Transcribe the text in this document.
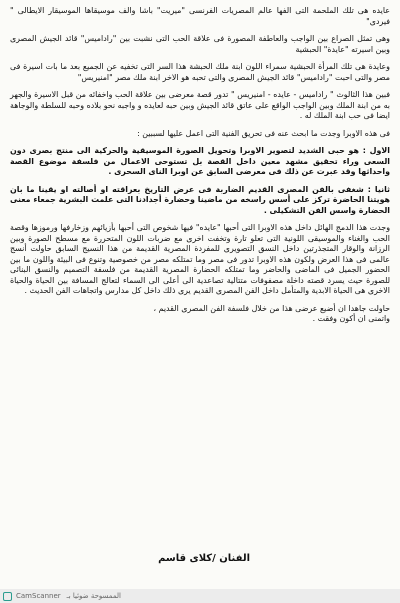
عايده هى تلك الملحمة التى الفها عالم المصريات الفرنسى "ميريت" باشا والف موسيقاها الموسيقار الايطالى " فيردى"

وهى تمثل الصراع بين الواجب والعاطفة المصورة فى علاقة الحب التى نشبت بين "راداميس" قائد الجيش المصرى وبين اسيرته "عايدة" الحبشية

وعايدة هى تلك المرأة الحبشية سمراء اللون ابنة ملك الحبشة هذا السر التى تخفيه عن الجميع بعد ما بات اسيرة فى مصر والتى احبت "راداميس" قائد الجيش المصرى والتى تحبه هو الاخر ابنة ملك مصر "امنيريس"

فبين هذا الثالوث " راداميس - عايده - امنيريس " تدور قصة معرضى بين علاقة الحب واخفائه من قبل الاسيرة والجهر به من ابنة الملك وبين الواجب الواقع على عاتق قائد الجيش وبين حبه لعايده و واجبه نحو بلاده وحبه للسلطة والوجاهة ايضا فى حب ابنة الملك له .

فى هذه الاوبرا وجدت ما ابحث عنه فى تحريق الفنية التى اعمل عليها لسببين :

الاول : هو حبى الشديد لتصوير الاوبرا وتحويل الصورة الموسيقية والحركية الى منتج بصرى دون السعى وراء تحقيق مشهد معين داخل القصة بل تستوحى الاعمال من فلسفة موضوع القصة واحداثها وقد عبرت عن ذلك فى معرضى السابق عن اوبرا الناى السحرى .

ثانيا : شغفى بالفن المصرى القديم الضاربة فى عرض التاريخ بعراقته او أصالته او يقينا ما بان هويتنا الحاضرة تركز على أسس راسخه من ماضينا وحضارة أجدادنا التى علمت البشرية جمعاء معنى الحضارة واسس الفن التشكيلى .

وجدت هذا الدمج الهائل داخل هذه الاوبرا التى أحبها "عايده" فيها شخوص التى أحبها بأزيائهم وزخارفها ورموزها وقصة الحب والغناء والموسيقى اللونية التى تعلو تارة وتخفت اخرى مع ضربات اللون المتحررة مع مسطح الصورة وبين الرزانة والوقار المتجذرتين داخل النسق التصويرى للمفردة المصرية القديمة من هذا النسيج السابق حاولت أنسج عالمى فى هذا العرض ولكون هذه الاوبرا تدور فى مصر وما تمتلكه مصر من خصوصية وتنوع فى البيئة واللون ما بين الحضور الجميل فى الماضى والحاضر وما تمتلكه الحضارة المصرية القديمة من فلسفة التصميم والنسق البنائى للصورة حيث يسرد قصته داخلة مصفوفات متتالية تصاعدية الى أعلى الى السماء لتعالج المسافة بين الحياة والحياة الاخرى هى الحياة الابدية والمتأمل داخل الفن المصرى القديم يرى ذلك داخل كل مدارس واتجاهات الفن الحديث .

حاولت جاهدا ان أضيع عرضى هذا من خلال فلسفة الفن المصرى القديم ،

واتمنى ان أكون وفقت .

الفنان /كلاى قاسم
CamScanner الممسوحة ضوئيا بـ
